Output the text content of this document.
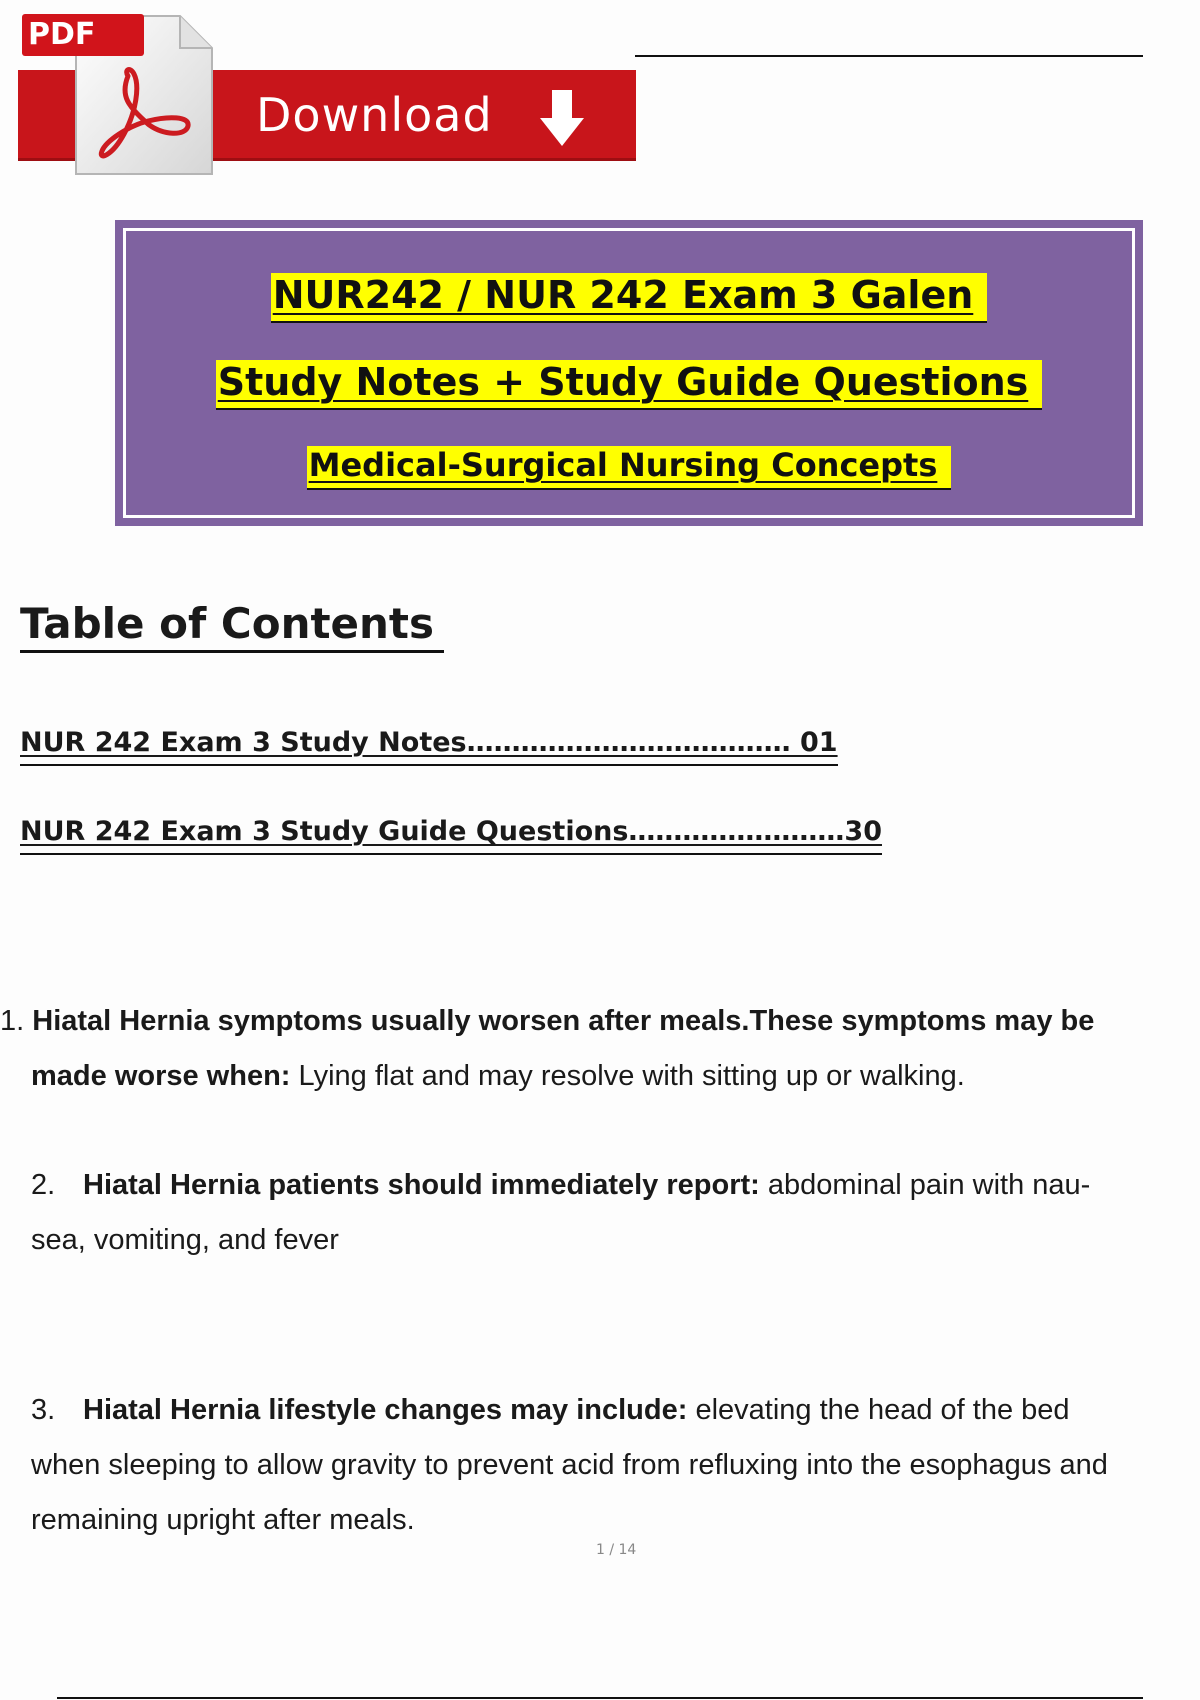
Download
PDF
NUR242 / NUR 242 Exam 3 Galen
Study Notes + Study Guide Questions
Medical-Surgical Nursing Concepts
Table of Contents
NUR 242 Exam 3 Study Notes……………………………… 01
NUR 242 Exam 3 Study Guide Questions……………………30
1. Hiatal Hernia symptoms usually worsen after meals.These symptoms may be
made worse when: Lying flat and may resolve with sitting up or walking.
2. Hiatal Hernia patients should immediately report: abdominal pain with nau-
sea, vomiting, and fever
3. Hiatal Hernia lifestyle changes may include: elevating the head of the bed
when sleeping to allow gravity to prevent acid from refluxing into the esophagus and
remaining upright after meals.
1 / 14
